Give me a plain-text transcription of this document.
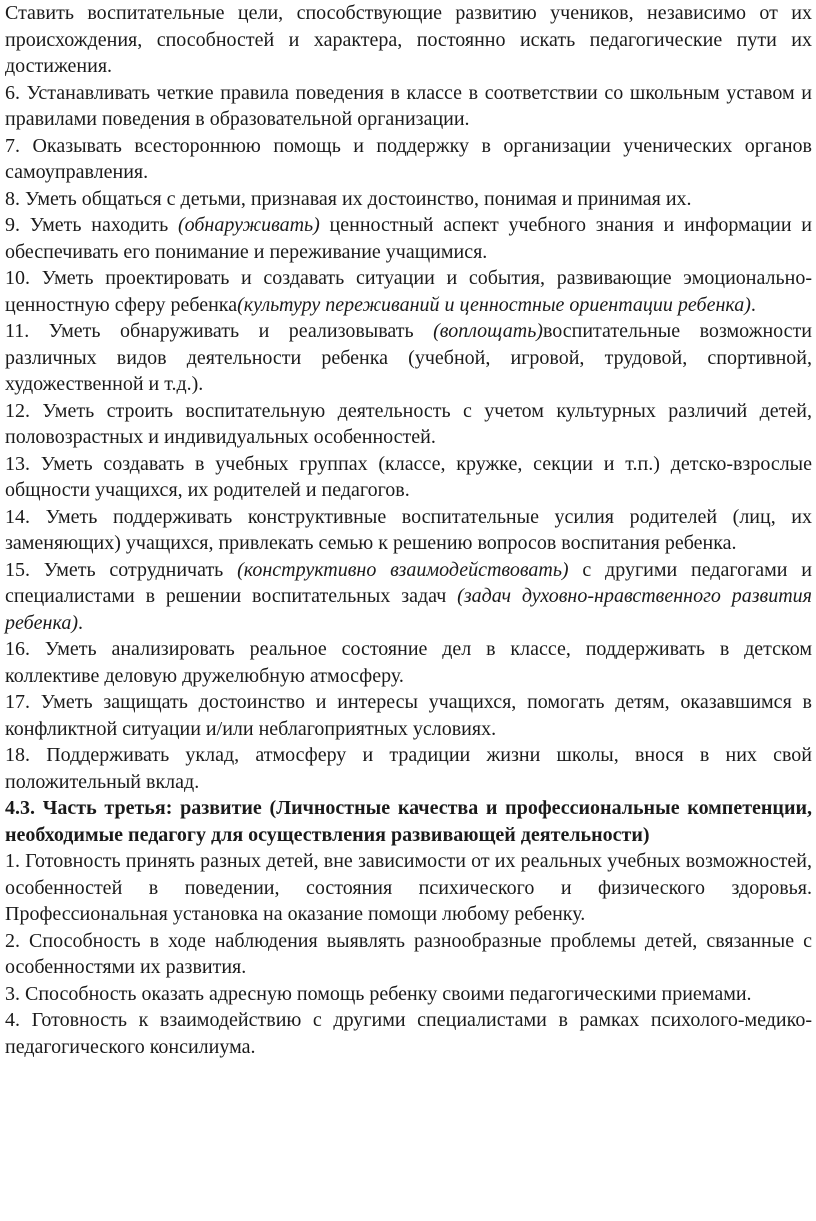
Ставить воспитательные цели, способствующие развитию учеников, независимо от их происхождения, способностей и характера, постоянно искать педагогические пути их достижения.

6. Устанавливать четкие правила поведения в классе в соответствии со школьным уставом и правилами поведения в образовательной организации.

7. Оказывать всестороннюю помощь и поддержку в организации ученических органов самоуправления.

8. Уметь общаться с детьми, признавая их достоинство, понимая и принимая их.

9. Уметь находить (обнаруживать) ценностный аспект учебного знания и информации и обеспечивать его понимание и переживание учащимися.

10. Уметь проектировать и создавать ситуации и события, развивающие эмоционально-ценностную сферу ребенка(культуру переживаний и ценностные ориентации ребенка).

11. Уметь обнаруживать и реализовывать (воплощать)воспитательные возможности различных видов деятельности ребенка (учебной, игровой, трудовой, спортивной, художественной и т.д.).

12. Уметь строить воспитательную деятельность с учетом культурных различий детей, половозрастных и индивидуальных особенностей.

13. Уметь создавать в учебных группах (классе, кружке, секции и т.п.) детско-взрослые общности учащихся, их родителей и педагогов.

14. Уметь поддерживать конструктивные воспитательные усилия родителей (лиц, их заменяющих) учащихся, привлекать семью к решению вопросов воспитания ребенка.

15. Уметь сотрудничать (конструктивно взаимодействовать) с другими педагогами и специалистами в решении воспитательных задач (задач духовно-нравственного развития ребенка).

16. Уметь анализировать реальное состояние дел в классе, поддерживать в детском коллективе деловую дружелюбную атмосферу.

17. Уметь защищать достоинство и интересы учащихся, помогать детям, оказавшимся в конфликтной ситуации и/или неблагоприятных условиях.

18. Поддерживать уклад, атмосферу и традиции жизни школы, внося в них свой положительный вклад.

4.3. Часть третья: развитие (Личностные качества и профессиональные компетенции, необходимые педагогу для осуществления развивающей деятельности)

1. Готовность принять разных детей, вне зависимости от их реальных учебных возможностей, особенностей в поведении, состояния психического и физического здоровья. Профессиональная установка на оказание помощи любому ребенку.

2. Способность в ходе наблюдения выявлять разнообразные проблемы детей, связанные с особенностями их развития.

3. Способность оказать адресную помощь ребенку своими педагогическими приемами.

4. Готовность к взаимодействию с другими специалистами в рамках психолого-медико-педагогического консилиума.
